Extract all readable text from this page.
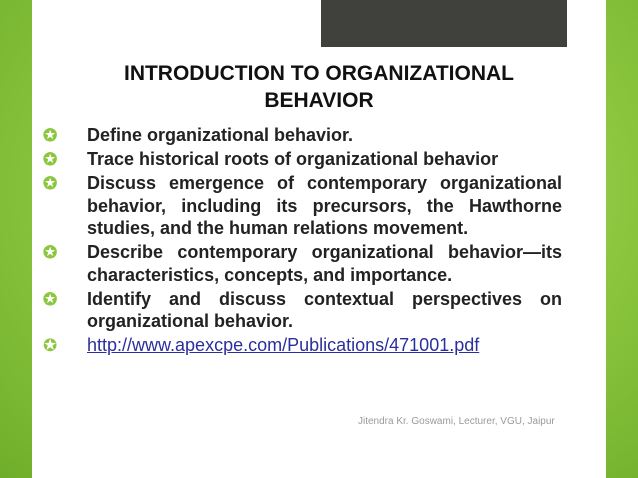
INTRODUCTION TO ORGANIZATIONAL
BEHAVIOR
✪ Define organizational behavior.
✪ Trace historical roots of organizational behavior
✪ Discuss emergence of contemporary organizational behavior, including its precursors, the Hawthorne studies, and the human relations movement.
✪ Describe contemporary organizational behavior—its characteristics, concepts, and importance.
✪ Identify and discuss contextual perspectives on organizational behavior.
✪ http://www.apexcpe.com/Publications/471001.pdf
Jitendra Kr. Goswami, Lecturer, VGU, Jaipur
